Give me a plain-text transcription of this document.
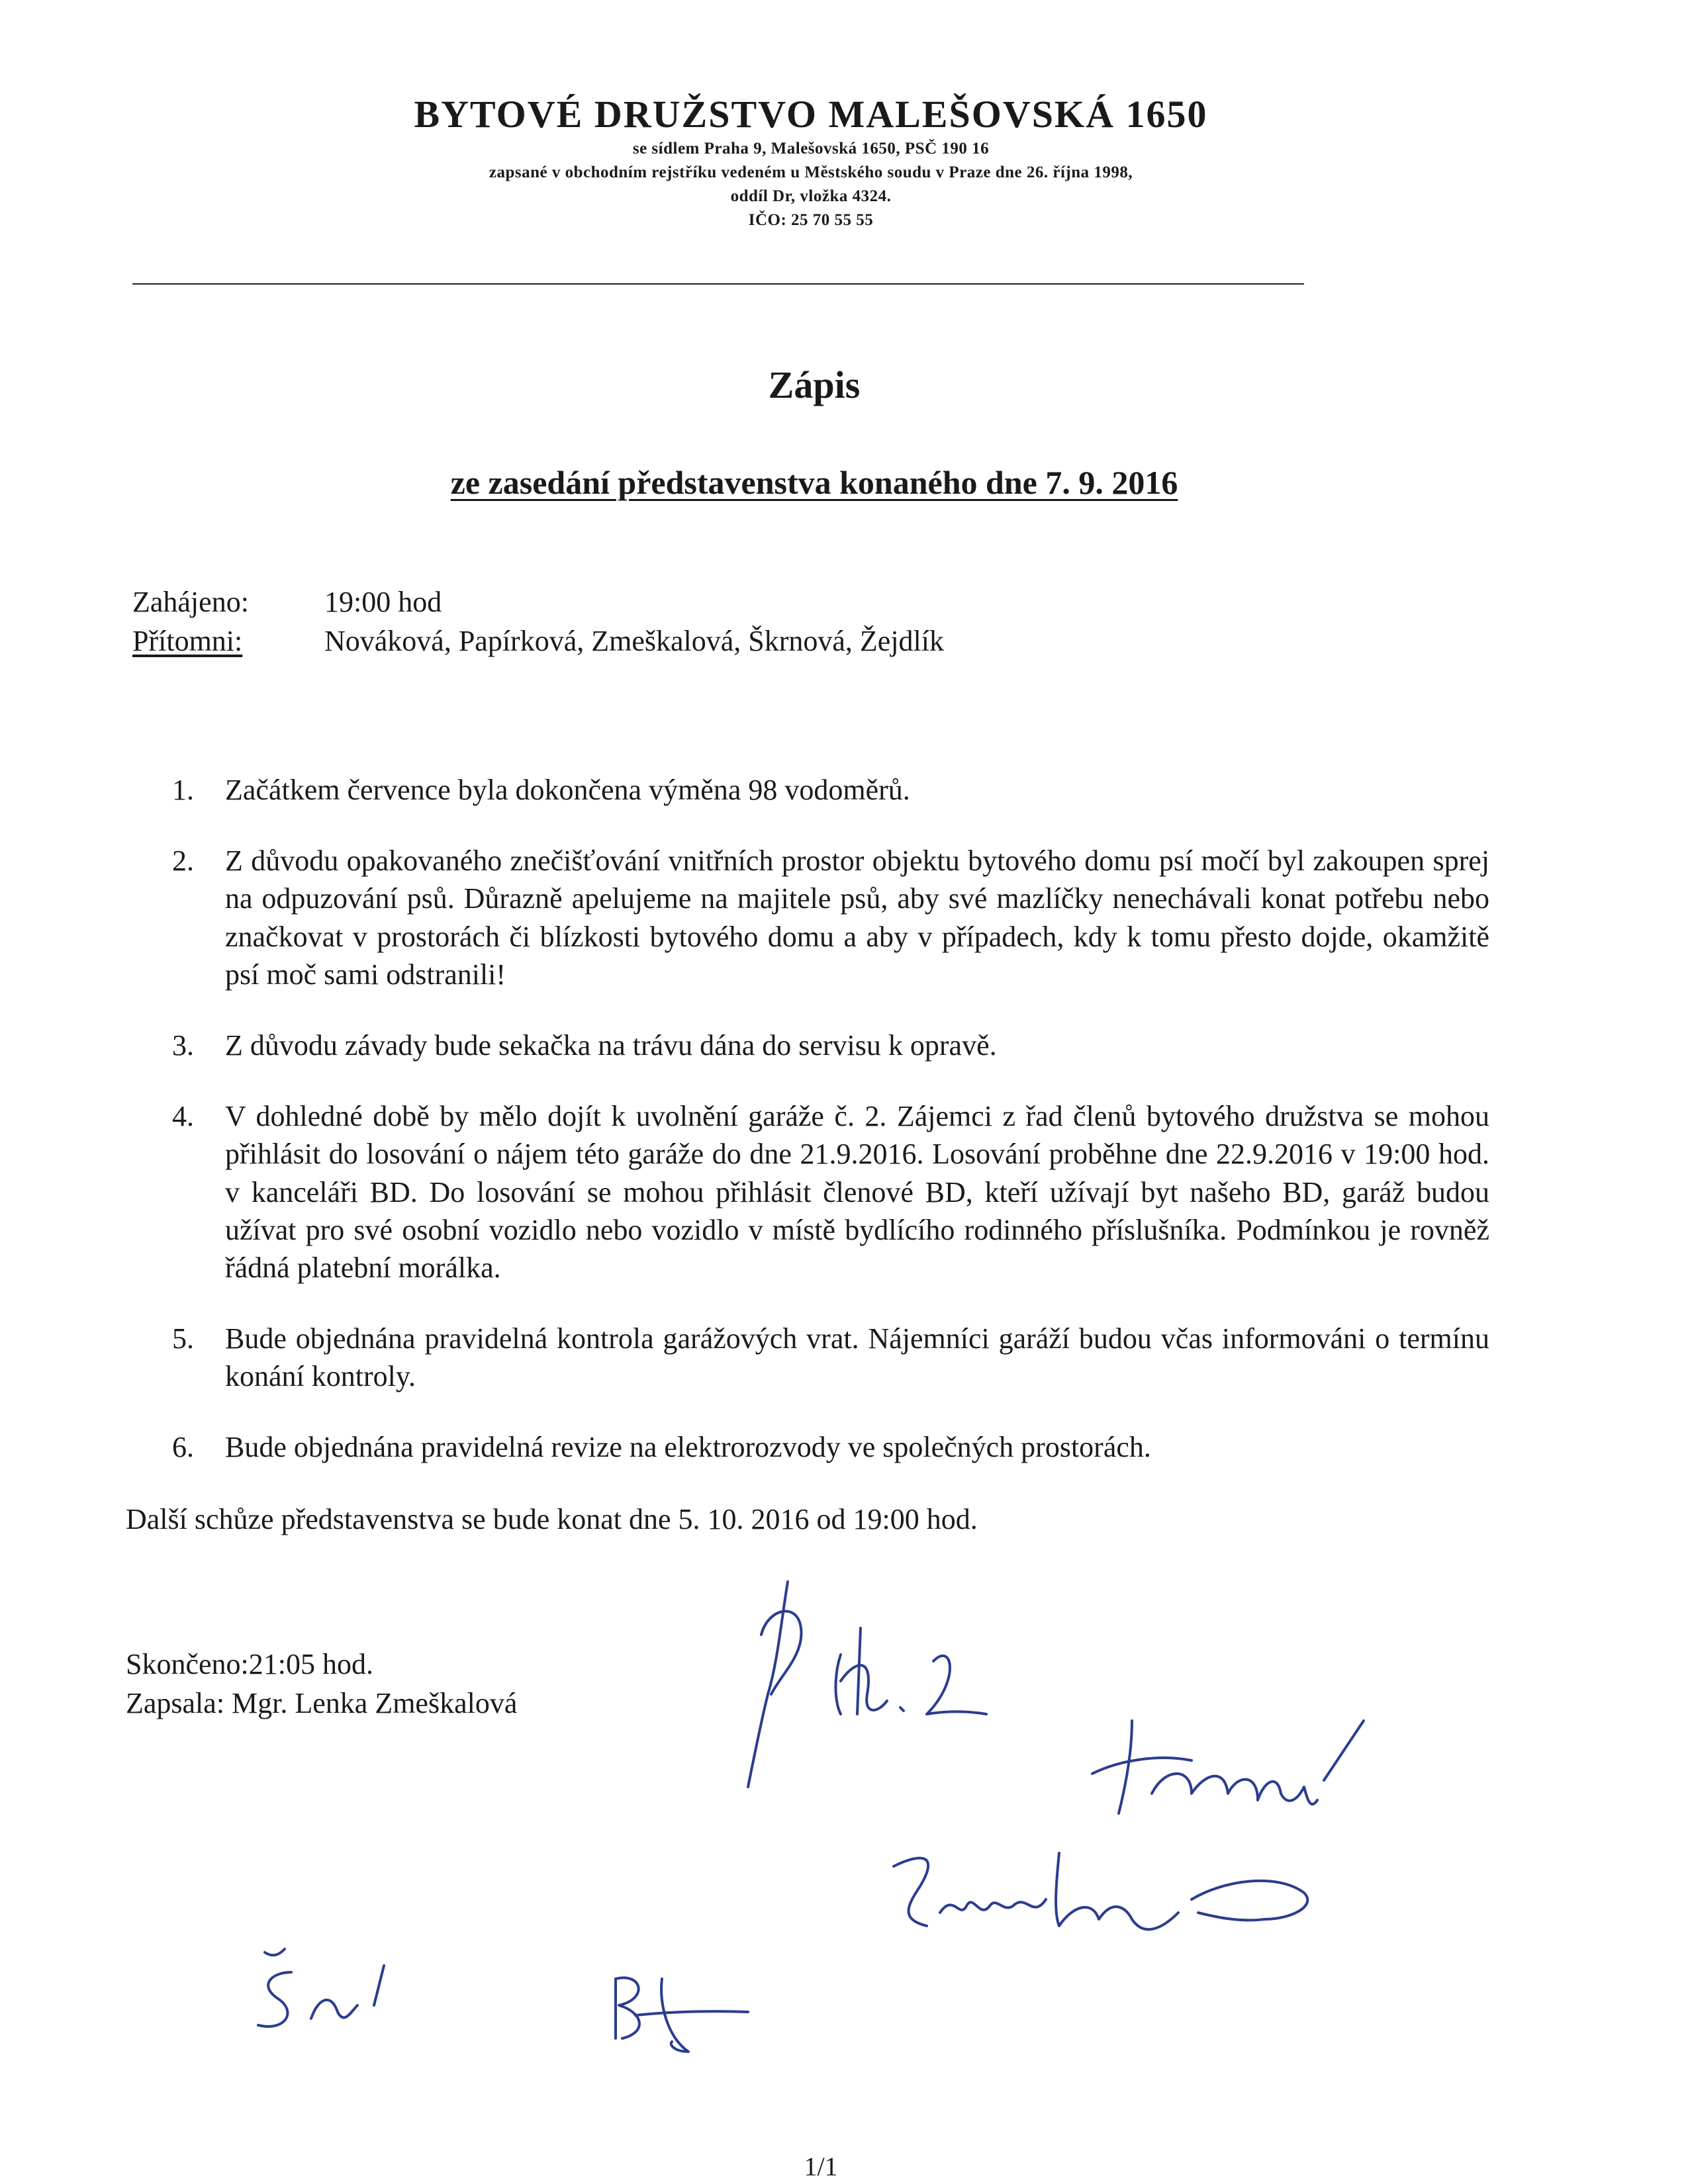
BYTOVÉ DRUŽSTVO MALEŠOVSKÁ 1650

se sídlem Praha 9, Malešovská 1650, PSČ 190 16

zapsané v obchodním rejstříku vedeném u Městského soudu v Praze dne 26. října 1998,

oddíl Dr, vložka 4324.

IČO: 25 70 55 55

Zápis
ze zasedání představenstva konaného dne 7. 9. 2016
Zahájeno:	19:00 hod
Přítomni:	Nováková, Papírková, Zmeškalová, Škrnová, Žejdlík
1.	Začátkem července byla dokončena výměna 98 vodoměrů.
2.	Z důvodu opakovaného znečišťování vnitřních prostor objektu bytového domu psí močí byl zakoupen sprej na odpuzování psů. Důrazně apelujeme na majitele psů, aby své mazlíčky nenechávali konat potřebu nebo značkovat v prostorách či blízkosti bytového domu a aby v případech, kdy k tomu přesto dojde, okamžitě psí moč sami odstranili!
3.	Z důvodu závady bude sekačka na trávu dána do servisu k opravě.
4.	V dohledné době by mělo dojít k uvolnění garáže č. 2. Zájemci z řad členů bytového družstva se mohou přihlásit do losování o nájem této garáže do dne 21.9.2016. Losování proběhne dne 22.9.2016 v 19:00 hod. v kanceláři BD. Do losování se mohou přihlásit členové BD, kteří užívají byt našeho BD, garáž budou užívat pro své osobní vozidlo nebo vozidlo v místě bydlícího rodinného příslušníka. Podmínkou je rovněž řádná platební morálka.
5.	Bude objednána pravidelná kontrola garážových vrat. Nájemníci garáží budou včas informováni o termínu konání kontroly.
6.	Bude objednána pravidelná revize na elektrorozvody ve společných prostorách.

Další schůze představenstva se bude konat dne 5. 10. 2016 od 19:00 hod.

Skončeno:21:05 hod.
Zapsala: Mgr. Lenka Zmeškalová
1/1
